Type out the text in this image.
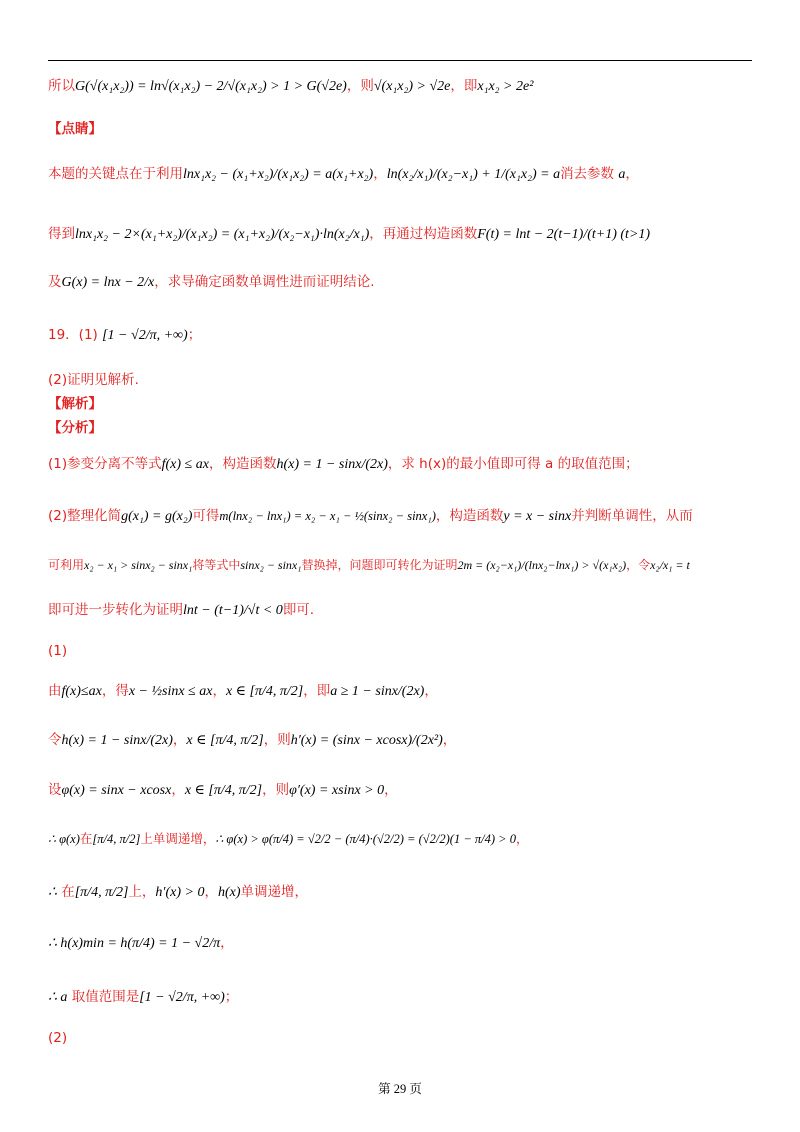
所以G(√(x₁x₂)) = ln√(x₁x₂) − 2/√(x₁x₂) > 1 > G(√2e)，则√(x₁x₂) > √2e，即x₁x₂ > 2e²
【点睛】
本题的关键点在于利用lnx₁x₂ − (x₁+x₂)/(x₁x₂) = a(x₁+x₂)，ln(x₂/x₁)/(x₂−x₁) + 1/(x₁x₂) = a消去参数 a，
得到lnx₁x₂ − 2×(x₁+x₂)/(x₁x₂) = (x₁+x₂)/(x₂−x₁)·ln(x₂/x₁)，再通过构造函数F(t) = lnt − 2(t−1)/(t+1) (t>1)
及G(x) = lnx − 2/x，求导确定函数单调性进而证明结论.
19．(1) [1 − √2/π, +∞)；
(2)证明见解析.
【解析】
【分析】
(1)参变分离不等式f(x) ≤ ax，构造函数h(x) = 1 − sinx/(2x)，求 h(x)的最小值即可得 a 的取值范围；
(2)整理化简g(x₁) = g(x₂)可得m(lnx₂ − lnx₁) = x₂ − x₁ − ½(sinx₂ − sinx₁)，构造函数y = x − sinx并判断单调性，从而
可利用x₂ − x₁ > sinx₂ − sinx₁将等式中sinx₂ − sinx₁替换掉，问题即可转化为证明2m = (x₂−x₁)/(lnx₂−lnx₁) > √(x₁x₂)，令x₂/x₁ = t
即可进一步转化为证明lnt − (t−1)/√t < 0即可.
(1)
由f(x)≤ax，得x − ½sinx ≤ ax，x ∈ [π/4, π/2]，即a ≥ 1 − sinx/(2x)，
令h(x) = 1 − sinx/(2x)，x ∈ [π/4, π/2]，则h′(x) = (sinx − xcosx)/(2x²)，
设φ(x) = sinx − xcosx，x ∈ [π/4, π/2]，则φ′(x) = xsinx > 0，
∴ φ(x)在[π/4, π/2]上单调递增，∴ φ(x) > φ(π/4) = √2/2 − (π/4)·(√2/2) = (√2/2)(1 − π/4) > 0，
∴ 在[π/4, π/2]上，h′(x) > 0，h(x)单调递增，
∴ h(x)min = h(π/4) = 1 − √2/π，
∴ a 取值范围是[1 − √2/π, +∞)；
(2)
第 29 页
